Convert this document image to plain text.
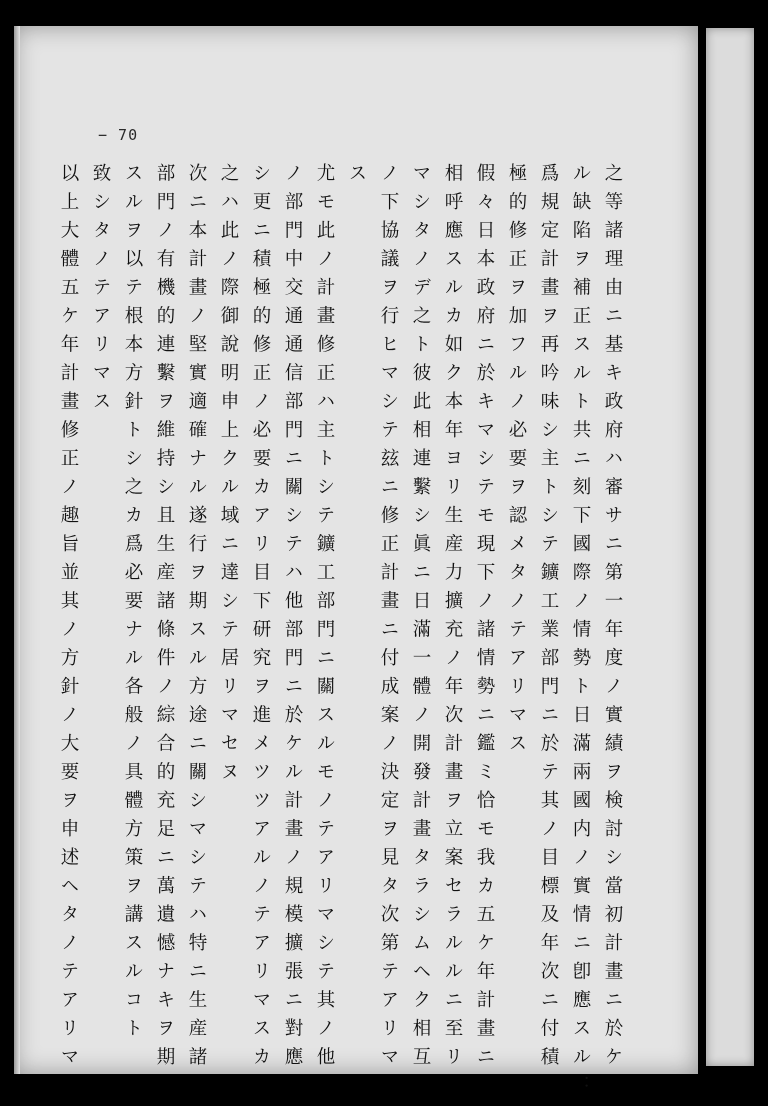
− 70
之等諸理由ニ基キ政府ハ審サニ第一年度ノ實績ヲ検討シ當初計畫ニ於ケ
ル缺陷ヲ補正スルト共ニ刻下國際ノ情勢ト日滿兩國内ノ實情ニ卽應スル：
爲規定計畫ヲ再吟味シ主トシテ鑛工業部門ニ於テ其ノ目標及年次ニ付積
極的修正ヲ加フルノ必要ヲ認メタノテアリマス
假々日本政府ニ於キマシテモ現下ノ諸情勢ニ鑑ミ恰モ我カ五ケ年計畫ニ
相呼應スルカ如ク本年ヨリ生産力擴充ノ年次計畫ヲ立案セラルルニ至リ
マシタノデ之ト彼此相連繫シ眞ニ日滿一體ノ開發計畫タラシムヘク相互
ノ下協議ヲ行ヒマシテ玆ニ修正計畫ニ付成案ノ決定ヲ見タ次第テアリマ
ス
尤モ此ノ計畫修正ハ主トシテ鑛工部門ニ關スルモノテアリマシテ其ノ他
ノ部門中交通通信部門ニ關シテハ他部門ニ於ケル計畫ノ規模擴張ニ對應
シ更ニ積極的修正ノ必要カアリ目下研究ヲ進メツツアルノテアリマスカ
之ハ此ノ際御說明申上クル域ニ達シテ居リマセヌ
次ニ本計畫ノ堅實適確ナル遂行ヲ期スル方途ニ關シマシテハ特ニ生産諸
部門ノ有機的連繫ヲ維持シ且生産諸條件ノ綜合的充足ニ萬遺憾ナキヲ期
スルヲ以テ根本方針トシ之カ爲必要ナル各般ノ具體方策ヲ講スルコト
致シタノテアリマス
以上大體五ケ年計畫修正ノ趣旨並其ノ方針ノ大要ヲ申述ヘタノテアリマ
